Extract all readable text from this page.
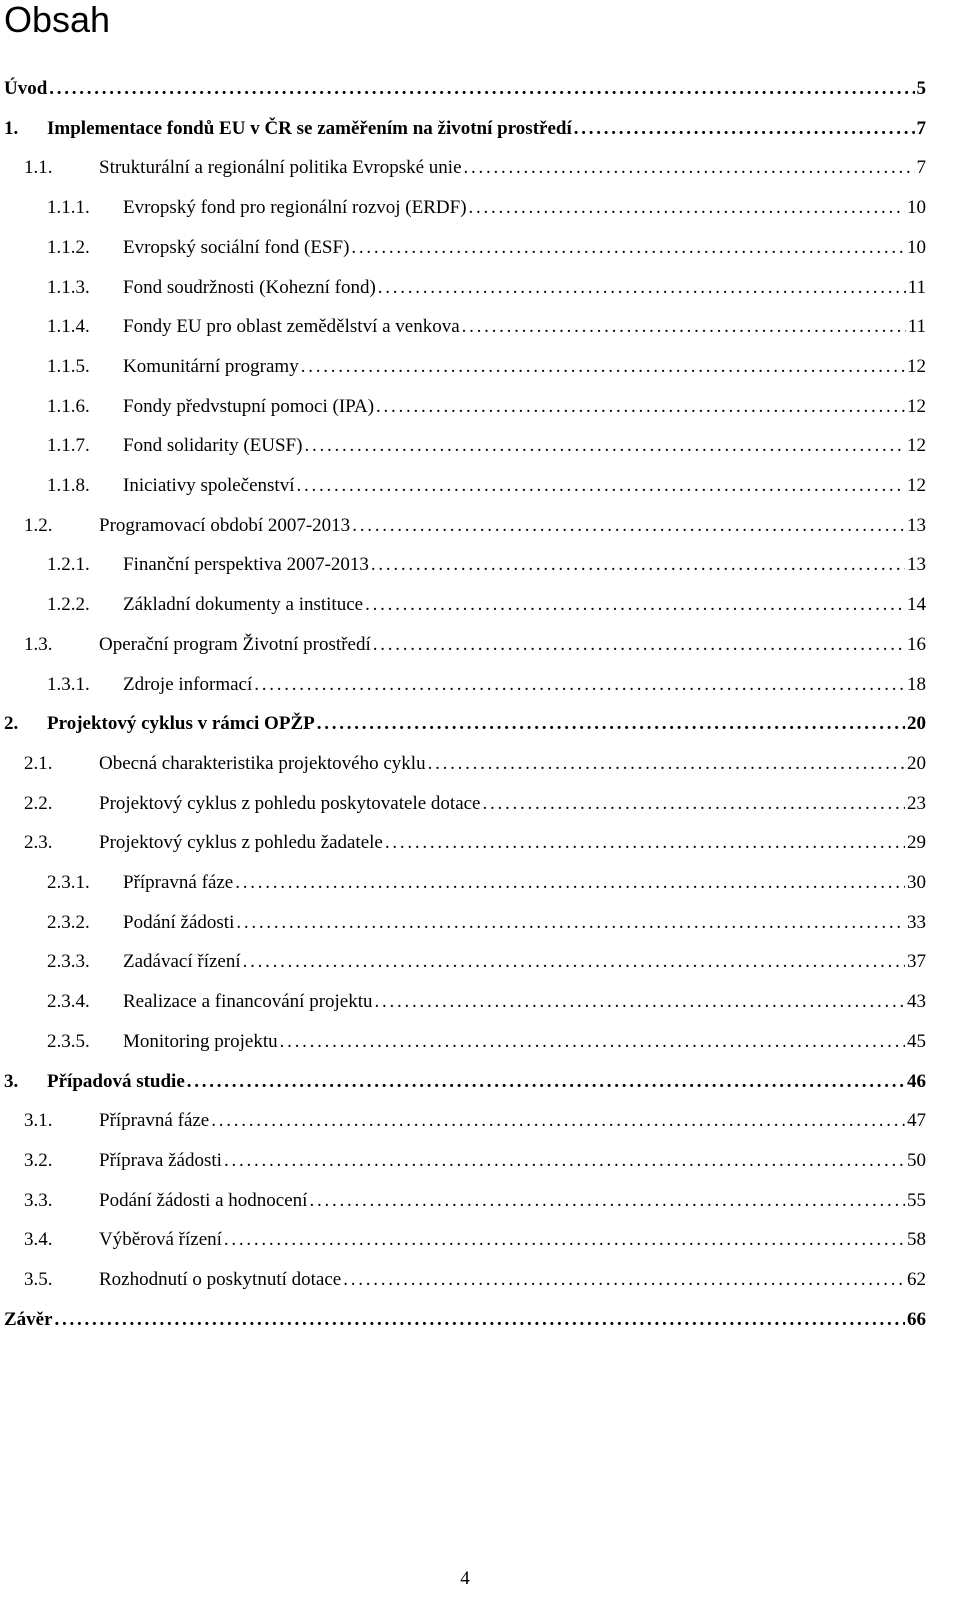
Obsah
Úvod . . .	5
1. Implementace fondů EU v ČR se zaměřením na životní prostředí . . .	7
1.1. Strukturální a regionální politika Evropské unie . . .	7
1.1.1. Evropský fond pro regionální rozvoj (ERDF) . . .	10
1.1.2. Evropský sociální fond (ESF) . . .	10
1.1.3. Fond soudržnosti (Kohezní fond) . . .	11
1.1.4. Fondy EU pro oblast zemědělství a venkova . . .	11
1.1.5. Komunitární programy . . .	12
1.1.6. Fondy předvstupní pomoci (IPA) . . .	12
1.1.7. Fond solidarity (EUSF) . . .	12
1.1.8. Iniciativy společenství . . .	12
1.2. Programovací období 2007-2013 . . .	13
1.2.1. Finanční perspektiva 2007-2013 . . .	13
1.2.2. Základní dokumenty a instituce . . .	14
1.3. Operační program Životní prostředí . . .	16
1.3.1. Zdroje informací . . .	18
2. Projektový cyklus v rámci OPŽP . . .	20
2.1. Obecná charakteristika projektového cyklu . . .	20
2.2. Projektový cyklus z pohledu poskytovatele dotace . . .	23
2.3. Projektový cyklus z pohledu žadatele . . .	29
2.3.1. Přípravná fáze . . .	30
2.3.2. Podání žádosti . . .	33
2.3.3. Zadávací řízení . . .	37
2.3.4. Realizace a financování projektu . . .	43
2.3.5. Monitoring projektu . . .	45
3. Případová studie . . .	46
3.1. Přípravná fáze . . .	47
3.2. Příprava žádosti . . .	50
3.3. Podání žádosti a hodnocení . . .	55
3.4. Výběrová řízení . . .	58
3.5. Rozhodnutí o poskytnutí dotace . . .	62
Závěr . . .	66
4
